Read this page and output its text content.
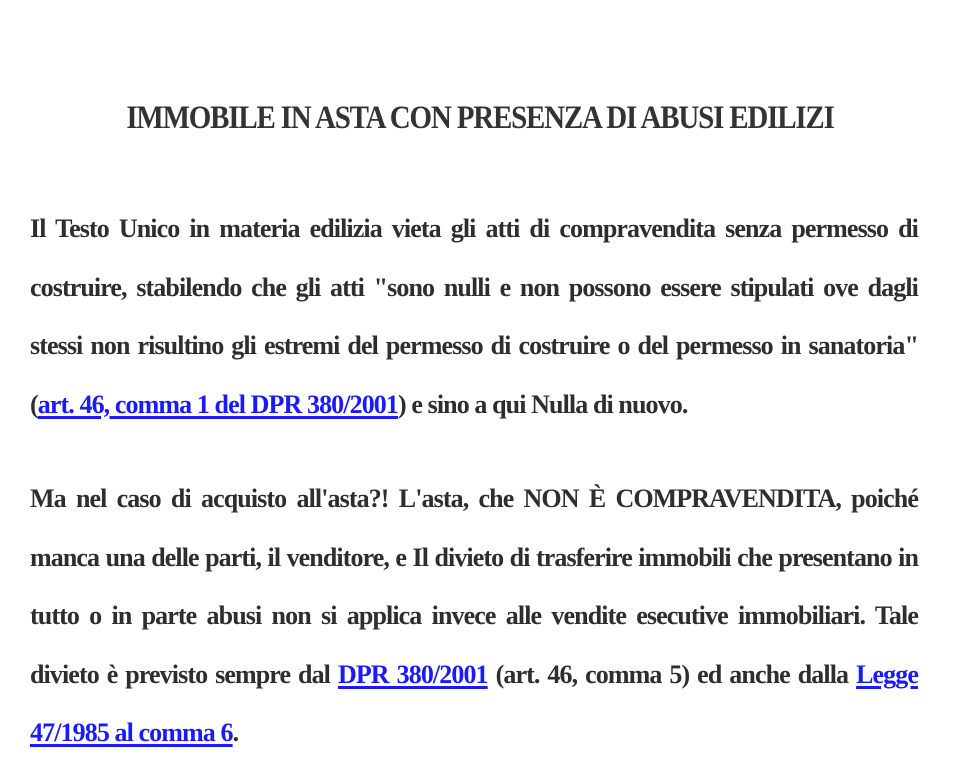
IMMOBILE IN ASTA CON PRESENZA DI ABUSI EDILIZI

Il Testo Unico in materia edilizia vieta gli atti di compravendita senza permesso di costruire, stabilendo che gli atti "sono nulli e non possono essere stipulati ove dagli stessi non risultino gli estremi del permesso di costruire o del permesso in sanatoria" (art. 46, comma 1 del DPR 380/2001) e sino a qui Nulla di nuovo.

Ma nel caso di acquisto all'asta?! L'asta, che NON È COMPRAVENDITA, poiché manca una delle parti, il venditore, e Il divieto di trasferire immobili che presentano in tutto o in parte abusi non si applica invece alle vendite esecutive immobiliari. Tale divieto è previsto sempre dal DPR 380/2001 (art. 46, comma 5) ed anche dalla Legge 47/1985 al comma 6.
